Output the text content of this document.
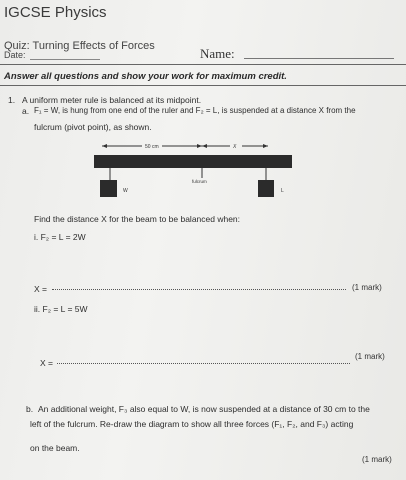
IGCSE Physics
Quiz: Turning Effects of Forces
Date:	Name:
Answer all questions and show your work for maximum credit.
1. A uniform meter rule is balanced at its midpoint.
a. F₁ = W, is hung from one end of the ruler and F₂ = L, is suspended at a distance X from the
fulcrum (pivot point), as shown.
50 cm	X
fulcrum
W	L
Find the distance X for the beam to be balanced when:
i. F₂ = L = 2W
X =	(1 mark)
ii. F₂ = L = 5W
X =
(1 mark)
b. An additional weight, F₃ also equal to W, is now suspended at a distance of 30 cm to the
left of the fulcrum. Re-draw the diagram to show all three forces (F₁, F₂, and F₃) acting
on the beam.
(1 mark)
